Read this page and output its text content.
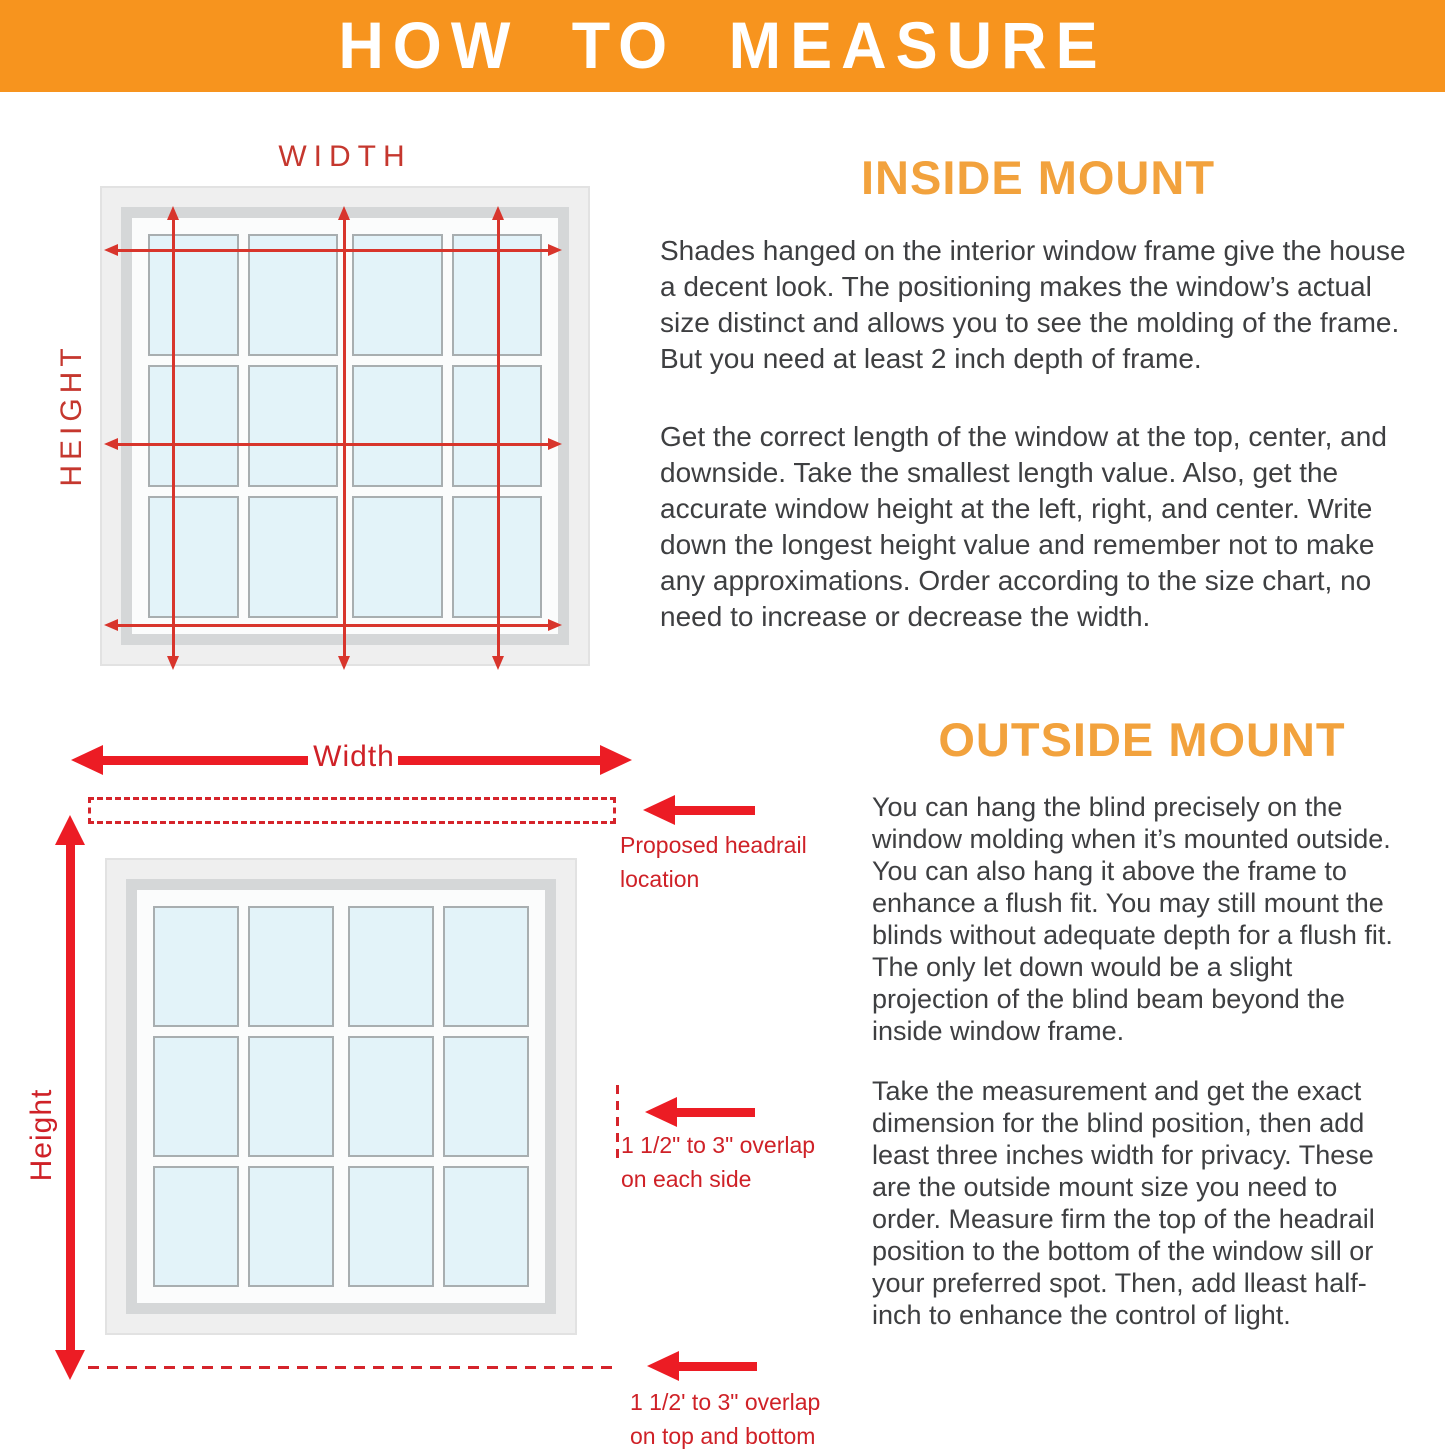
HOW TO MEASURE
WIDTH
HEIGHT
INSIDE MOUNT

Shades hanged on the interior window frame give the house a decent look. The positioning makes the window’s actual size distinct and allows you to see the molding of the frame. But you need at least 2 inch depth of frame.

Get the correct length of the window at the top, center, and downside. Take the smallest length value. Also, get the accurate window height at the left, right, and center. Write down the longest height value and remember not to make any approximations. Order according to the size chart, no need to increase or decrease the width.

Width
Proposed headrail
location
Height	1 1/2" to 3" overlap
on each side
1 1/2' to 3" overlap
on top and bottom
OUTSIDE MOUNT

You can hang the blind precisely on the window molding when it’s mounted outside. You can also hang it above the frame to enhance a flush fit. You may still mount the blinds without adequate depth for a flush fit. The only let down would be a slight projection of the blind beam beyond the inside window frame.

Take the measurement and get the exact dimension for the blind position, then add least three inches width for privacy. These are the outside mount size you need to order. Measure firm the top of the headrail position to the bottom of the window sill or your preferred spot. Then, add lleast half-inch to enhance the control of light.
